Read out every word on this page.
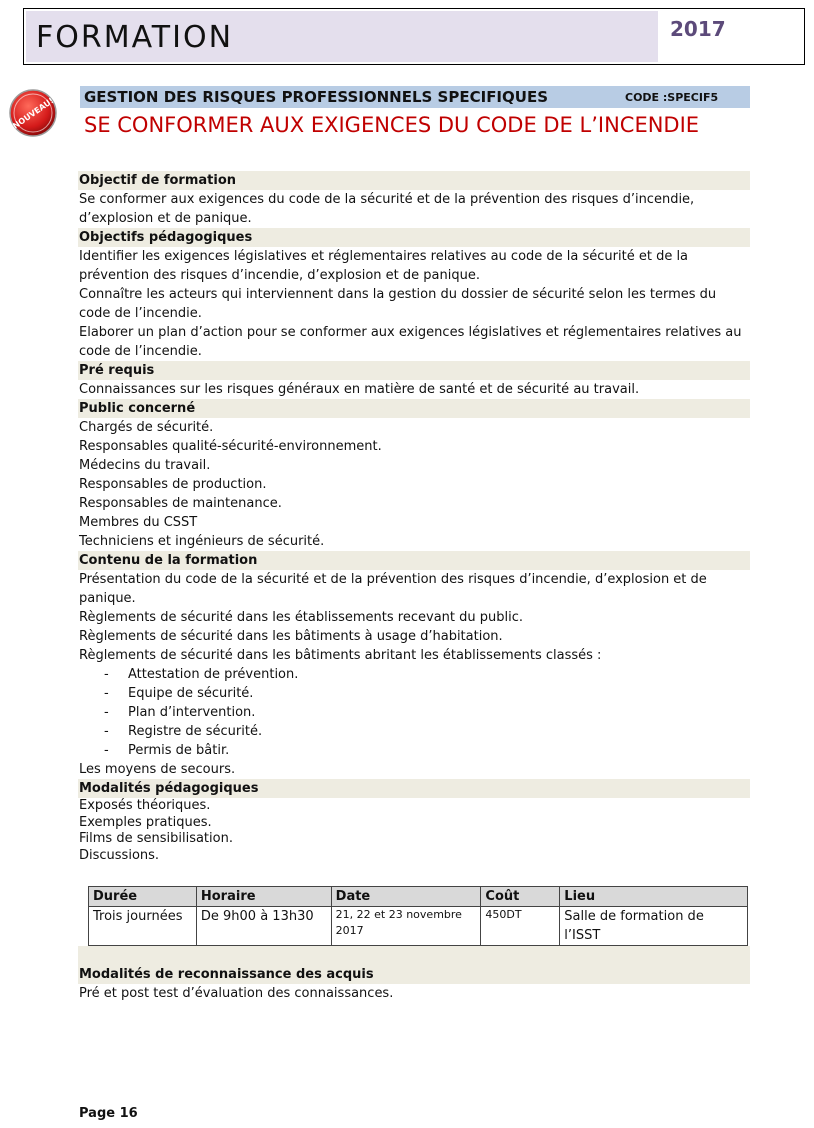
FORMATION	2017
NOUVEAU! GESTION DES RISQUES PROFESSIONNELS SPECIFIQUES	CODE :SPECIF5
SE CONFORMER AUX EXIGENCES DU CODE DE L’INCENDIE
Objectif de formation
Se conformer aux exigences du code de la sécurité et de la prévention des risques d’incendie, d’explosion et de panique.
Objectifs pédagogiques
Identifier les exigences législatives et réglementaires relatives au code de la sécurité et de la prévention des risques d’incendie, d’explosion et de panique.
Connaître les acteurs qui interviennent dans la gestion du dossier de sécurité selon les termes du code de l’incendie.
Elaborer un plan d’action pour se conformer aux exigences législatives et réglementaires relatives au code de l’incendie.
Pré requis
Connaissances sur les risques généraux en matière de santé et de sécurité au travail.
Public concerné
Chargés de sécurité.
Responsables qualité-sécurité-environnement.
Médecins du travail.
Responsables de production.
Responsables de maintenance.
Membres du CSST
Techniciens et ingénieurs de sécurité.
Contenu de la formation
Présentation du code de la sécurité et de la prévention des risques d’incendie, d’explosion et de panique.
Règlements de sécurité dans les établissements recevant du public.
Règlements de sécurité dans les bâtiments à usage d’habitation.
Règlements de sécurité dans les bâtiments abritant les établissements classés :
- Attestation de prévention.
- Equipe de sécurité.
- Plan d’intervention.
- Registre de sécurité.
- Permis de bâtir.
Les moyens de secours.
Modalités pédagogiques
Exposés théoriques.
Exemples pratiques.
Films de sensibilisation.
Discussions.
Durée	Horaire	Date	Coût	Lieu
Trois journées	De 9h00 à 13h30	21, 22 et 23 novembre 2017	450DT	Salle de formation de l’ISST
Modalités de reconnaissance des acquis
Pré et post test d’évaluation des connaissances.
Page 16
